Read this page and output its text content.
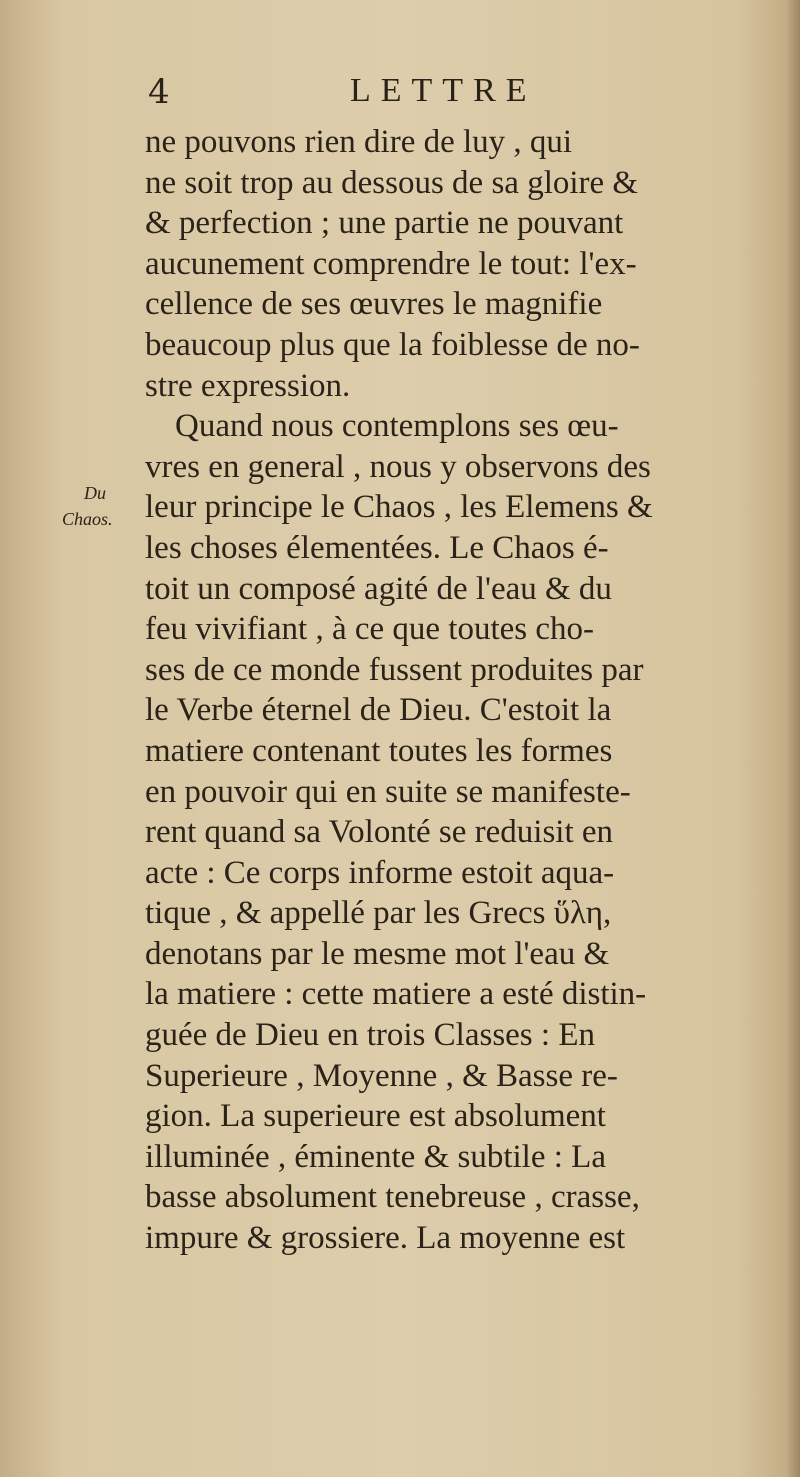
4	LETTRE
Du
Chaos.
ne pouvons rien dire de luy , qui
ne soit trop au dessous de sa gloire &
& perfection ; une partie ne pouvant
aucunement comprendre le tout: l'ex-
cellence de ses œuvres le magnifie
beaucoup plus que la foiblesse de no-
stre expression.
Quand nous contemplons ses œu-
vres en general , nous y observons des
leur principe le Chaos , les Elemens &
les choses élementées. Le Chaos é-
toit un composé agité de l'eau & du
feu vivifiant , à ce que toutes cho-
ses de ce monde fussent produites par
le Verbe éternel de Dieu. C'estoit la
matiere contenant toutes les formes
en pouvoir qui en suite se manifeste-
rent quand sa Volonté se reduisit en
acte : Ce corps informe estoit aqua-
tique , & appellé par les Grecs ὕλη,
denotans par le mesme mot l'eau &
la matiere : cette matiere a esté distin-
guée de Dieu en trois Classes : En
Superieure , Moyenne , & Basse re-
gion. La superieure est absolument
illuminée , éminente & subtile : La
basse absolument tenebreuse , crasse,
impure & grossiere. La moyenne est
